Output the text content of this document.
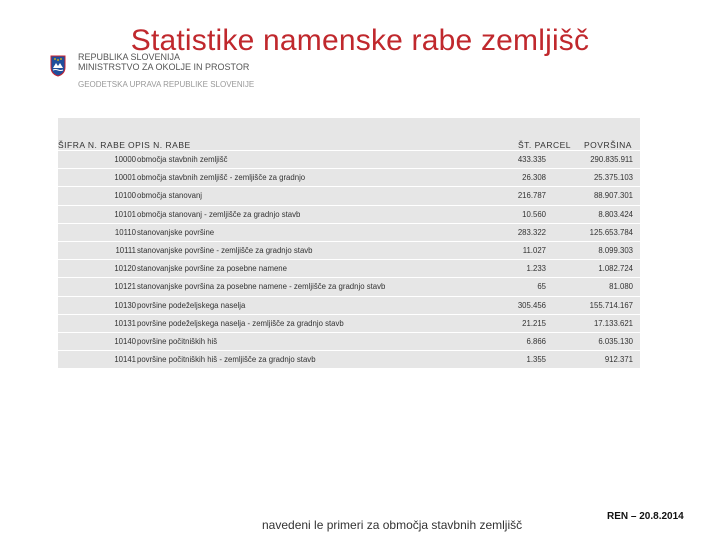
Statistike namenske rabe zemljišč
REPUBLIKA SLOVENIJA
MINISTRSTVO ZA OKOLJE IN PROSTOR
GEODETSKA UPRAVA REPUBLIKE SLOVENIJE
ŠIFRA N. RABE OPIS N. RABE	ŠT. PARCEL POVRŠINA
10000 območja stavbnih zemljišč	433.335	290.835.911
10001 območja stavbnih zemljišč - zemljišče za gradnjo	26.308	25.375.103
10100 območja stanovanj	216.787	88.907.301
10101 območja stanovanj - zemljišče za gradnjo stavb	10.560	8.803.424
10110 stanovanjske površine	283.322	125.653.784
10111 stanovanjske površine - zemljišče za gradnjo stavb	11.027	8.099.303
10120 stanovanjske površine za posebne namene	1.233	1.082.724
10121 stanovanjske površina za posebne namene - zemljišče za gradnjo stavb	65	81.080
10130 površine podeželjskega naselja	305.456	155.714.167
10131 površine podeželjskega naselja - zemljišče za gradnjo stavb	21.215	17.133.621
10140 površine počitniških hiš	6.866	6.035.130
10141 površine počitniških hiš - zemljišče za gradnjo stavb	1.355	912.371
navedeni le primeri za območja stavbnih zemljišč
REN – 20.8.2014
